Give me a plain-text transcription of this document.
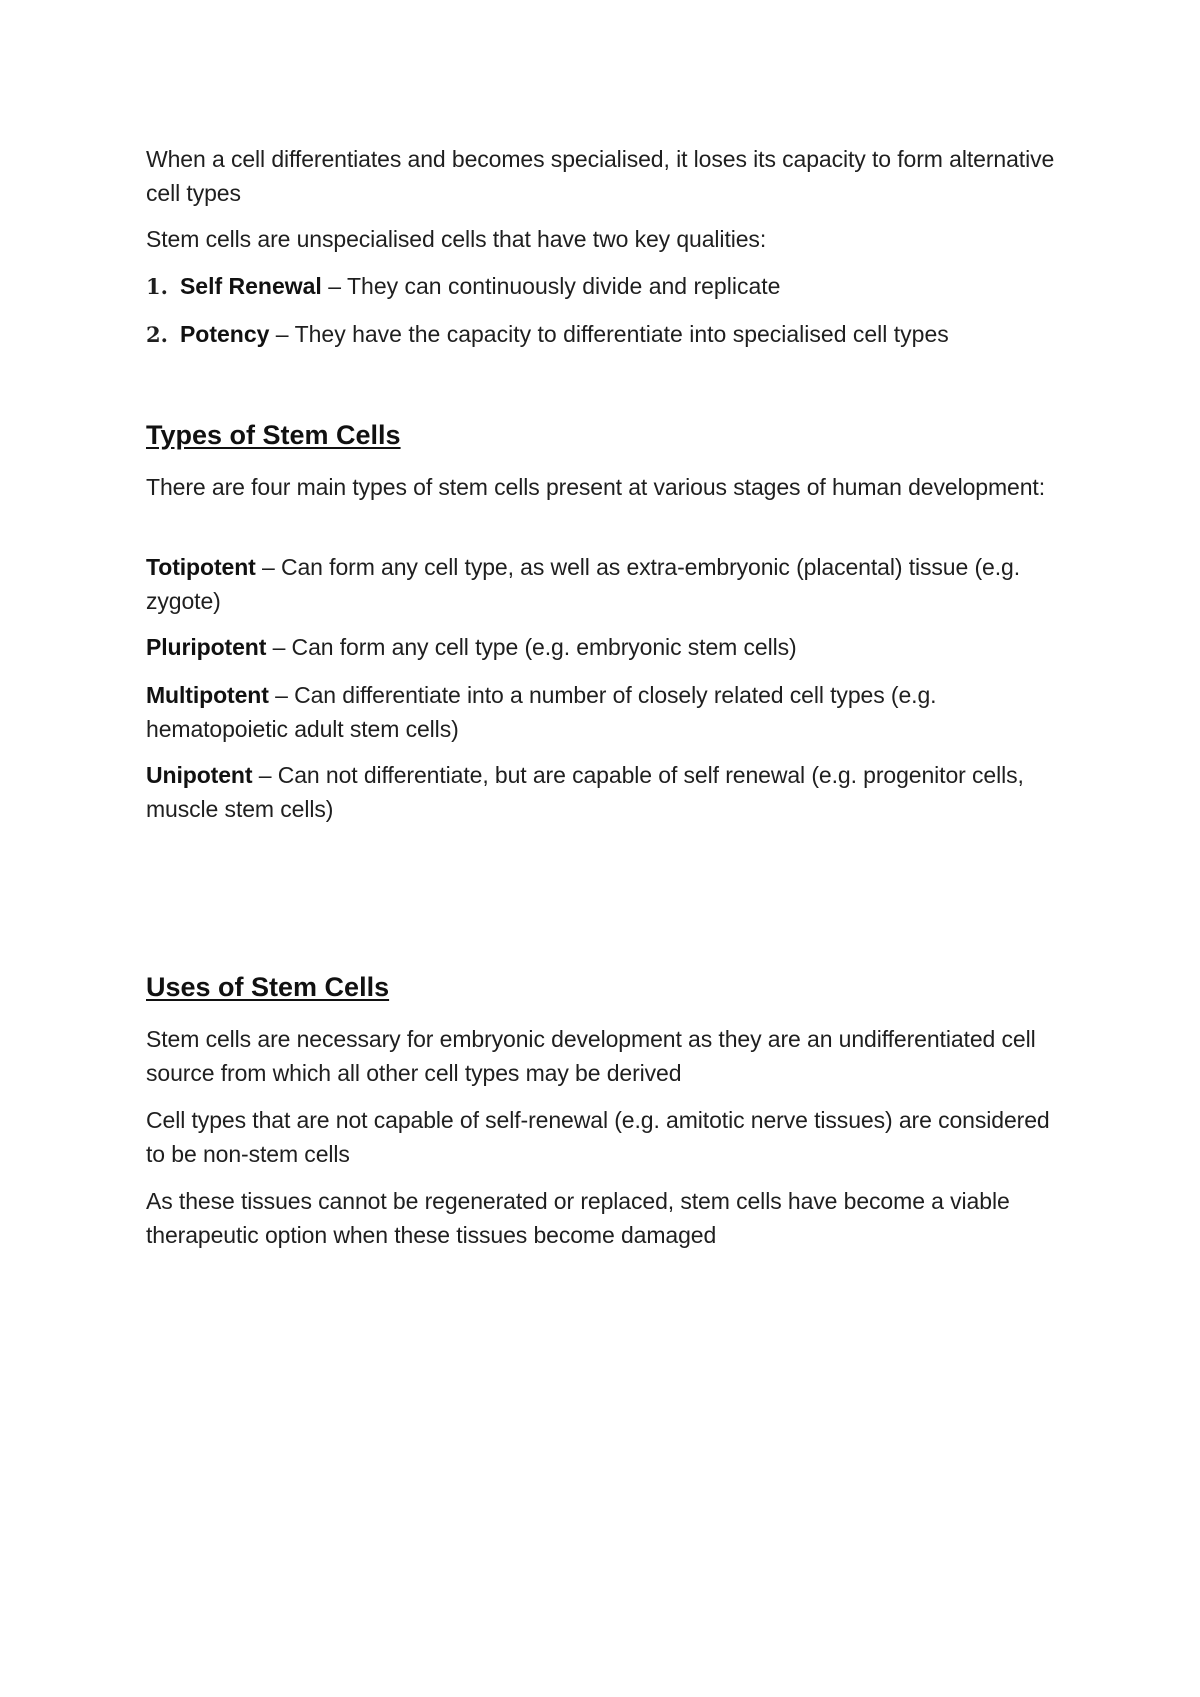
When a cell differentiates and becomes specialised, it loses its capacity to form alternative cell types

Stem cells are unspecialised cells that have two key qualities:

1. Self Renewal – They can continuously divide and replicate

2. Potency – They have the capacity to differentiate into specialised cell types

Types of Stem Cells

There are four main types of stem cells present at various stages of human development:

Totipotent – Can form any cell type, as well as extra-embryonic (placental) tissue (e.g. zygote)

Pluripotent – Can form any cell type (e.g. embryonic stem cells)

Multipotent – Can differentiate into a number of closely related cell types (e.g. hematopoietic adult stem cells)

Unipotent – Can not differentiate, but are capable of self renewal (e.g. progenitor cells, muscle stem cells)

Uses of Stem Cells

Stem cells are necessary for embryonic development as they are an undifferentiated cell source from which all other cell types may be derived

Cell types that are not capable of self-renewal (e.g. amitotic nerve tissues) are considered to be non-stem cells

As these tissues cannot be regenerated or replaced, stem cells have become a viable therapeutic option when these tissues become damaged
